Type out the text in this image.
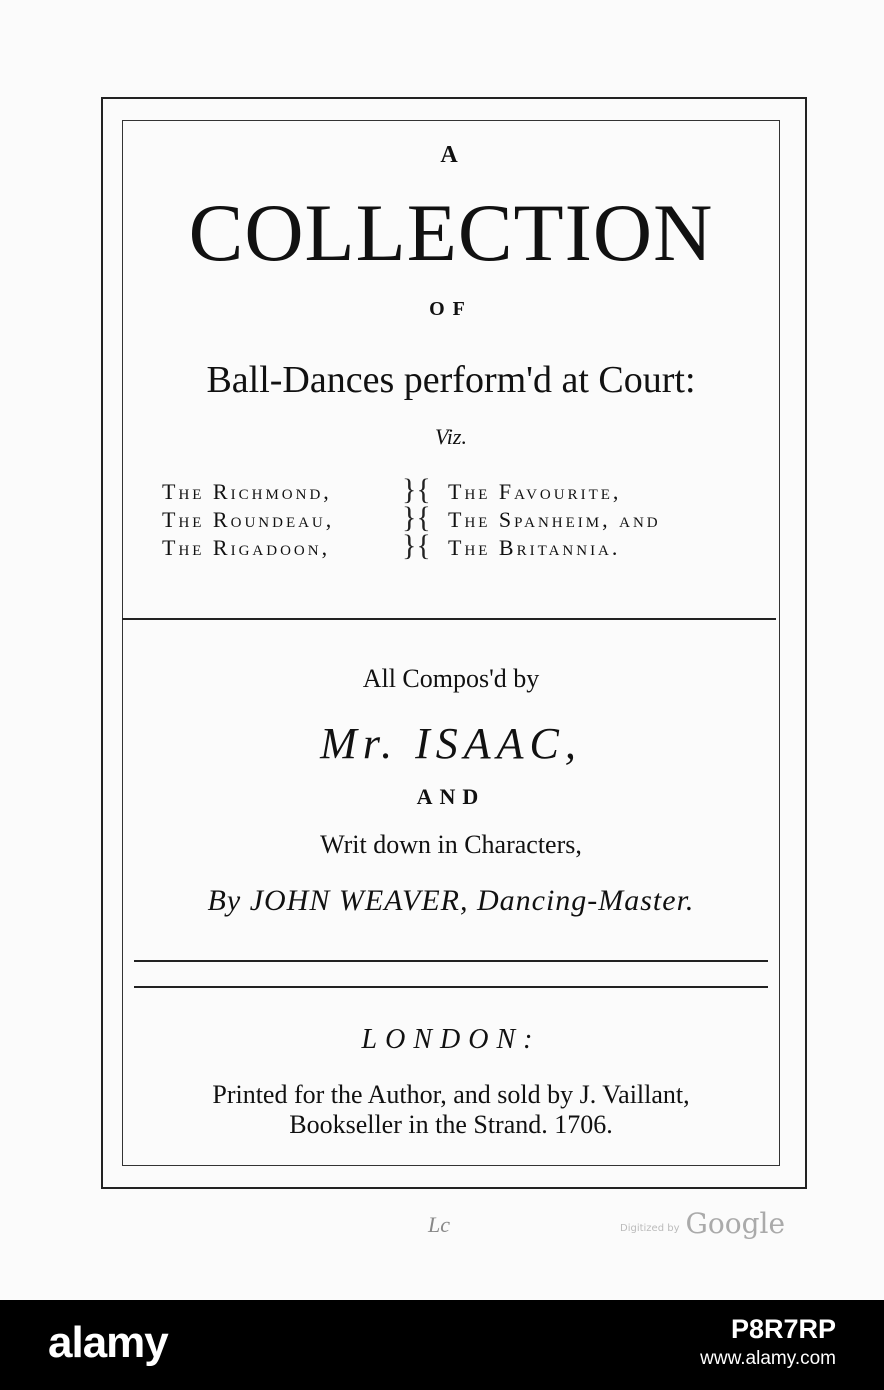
A
COLLECTION
OF
Ball-Dances perform'd at Court:
Viz.
The Richmond,
The Roundeau,
The Rigadoon,
}{
}{
}{
The Favourite,
The Spanheim, and
The Britannia.
All Compos'd by
Mr. ISAAC,
AND
Writ down in Characters,
By JOHN WEAVER, Dancing-Master.
LONDON:
Printed for the Author, and sold by J. Vaillant,
Bookseller in the Strand. 1706.
Lc	Digitized by Google
alamy	P8R7RP
www.alamy.com
